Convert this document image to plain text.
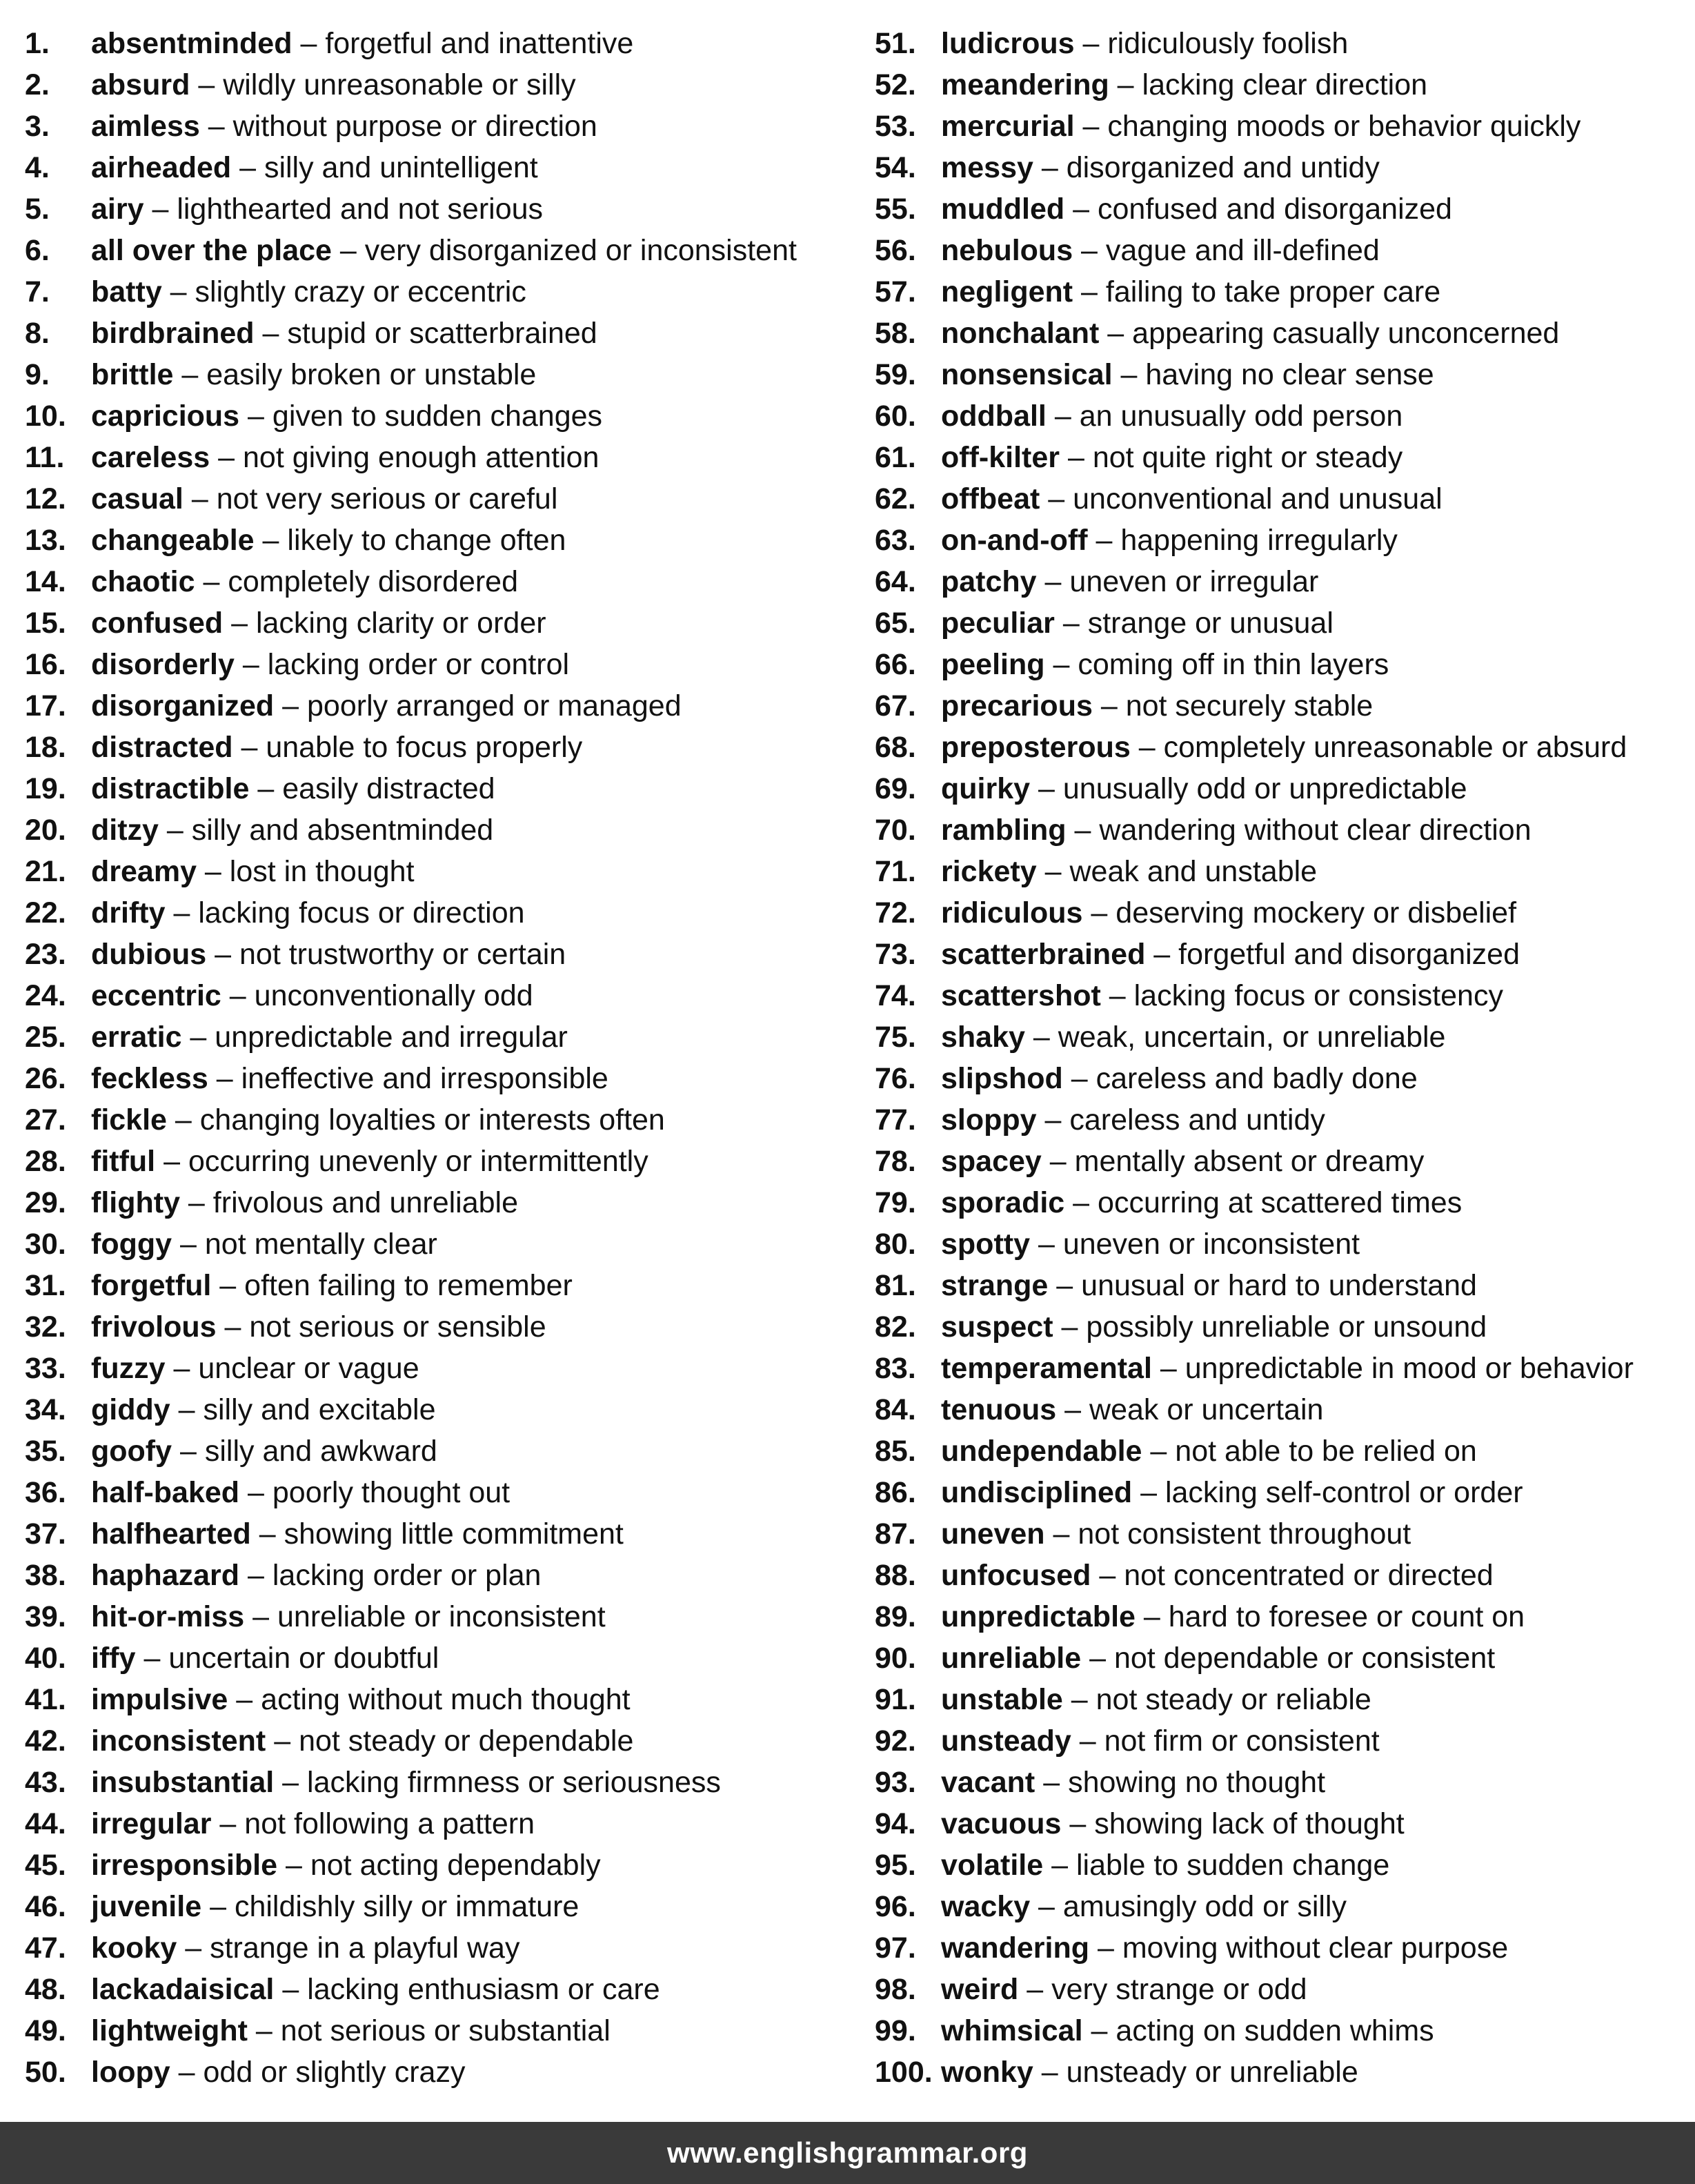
1.	absentminded – forgetful and inattentive
2.	absurd – wildly unreasonable or silly
3.	aimless – without purpose or direction
4.	airheaded – silly and unintelligent
5.	airy – lighthearted and not serious
6.	all over the place – very disorganized or inconsistent
7.	batty – slightly crazy or eccentric
8.	birdbrained – stupid or scatterbrained
9.	brittle – easily broken or unstable
10. capricious – given to sudden changes
11. careless – not giving enough attention
12. casual – not very serious or careful
13. changeable – likely to change often
14. chaotic – completely disordered
15. confused – lacking clarity or order
16. disorderly – lacking order or control
17. disorganized – poorly arranged or managed
18. distracted – unable to focus properly
19. distractible – easily distracted
20. ditzy – silly and absentminded
21. dreamy – lost in thought
22. drifty – lacking focus or direction
23. dubious – not trustworthy or certain
24. eccentric – unconventionally odd
25. erratic – unpredictable and irregular
26. feckless – ineffective and irresponsible
27. fickle – changing loyalties or interests often
28. fitful – occurring unevenly or intermittently
29. flighty – frivolous and unreliable
30. foggy – not mentally clear
31. forgetful – often failing to remember
32. frivolous – not serious or sensible
33. fuzzy – unclear or vague
34. giddy – silly and excitable
35. goofy – silly and awkward
36. half-baked – poorly thought out
37. halfhearted – showing little commitment
38. haphazard – lacking order or plan
39. hit-or-miss – unreliable or inconsistent
40. iffy – uncertain or doubtful
41. impulsive – acting without much thought
42. inconsistent – not steady or dependable
43. insubstantial – lacking firmness or seriousness
44. irregular – not following a pattern
45. irresponsible – not acting dependably
46. juvenile – childishly silly or immature
47. kooky – strange in a playful way
48. lackadaisical – lacking enthusiasm or care
49. lightweight – not serious or substantial
50. loopy – odd or slightly crazy
51. ludicrous – ridiculously foolish
52. meandering – lacking clear direction
53. mercurial – changing moods or behavior quickly
54. messy – disorganized and untidy
55. muddled – confused and disorganized
56. nebulous – vague and ill-defined
57. negligent – failing to take proper care
58. nonchalant – appearing casually unconcerned
59. nonsensical – having no clear sense
60. oddball – an unusually odd person
61. off-kilter – not quite right or steady
62. offbeat – unconventional and unusual
63. on-and-off – happening irregularly
64. patchy – uneven or irregular
65. peculiar – strange or unusual
66. peeling – coming off in thin layers
67. precarious – not securely stable
68. preposterous – completely unreasonable or absurd
69. quirky – unusually odd or unpredictable
70. rambling – wandering without clear direction
71. rickety – weak and unstable
72. ridiculous – deserving mockery or disbelief
73. scatterbrained – forgetful and disorganized
74. scattershot – lacking focus or consistency
75. shaky – weak, uncertain, or unreliable
76. slipshod – careless and badly done
77. sloppy – careless and untidy
78. spacey – mentally absent or dreamy
79. sporadic – occurring at scattered times
80. spotty – uneven or inconsistent
81. strange – unusual or hard to understand
82. suspect – possibly unreliable or unsound
83. temperamental – unpredictable in mood or behavior
84. tenuous – weak or uncertain
85. undependable – not able to be relied on
86. undisciplined – lacking self-control or order
87. uneven – not consistent throughout
88. unfocused – not concentrated or directed
89. unpredictable – hard to foresee or count on
90. unreliable – not dependable or consistent
91. unstable – not steady or reliable
92. unsteady – not firm or consistent
93. vacant – showing no thought
94. vacuous – showing lack of thought
95. volatile – liable to sudden change
96. wacky – amusingly odd or silly
97. wandering – moving without clear purpose
98. weird – very strange or odd
99. whimsical – acting on sudden whims
100. wonky – unsteady or unreliable
www.englishgrammar.org
